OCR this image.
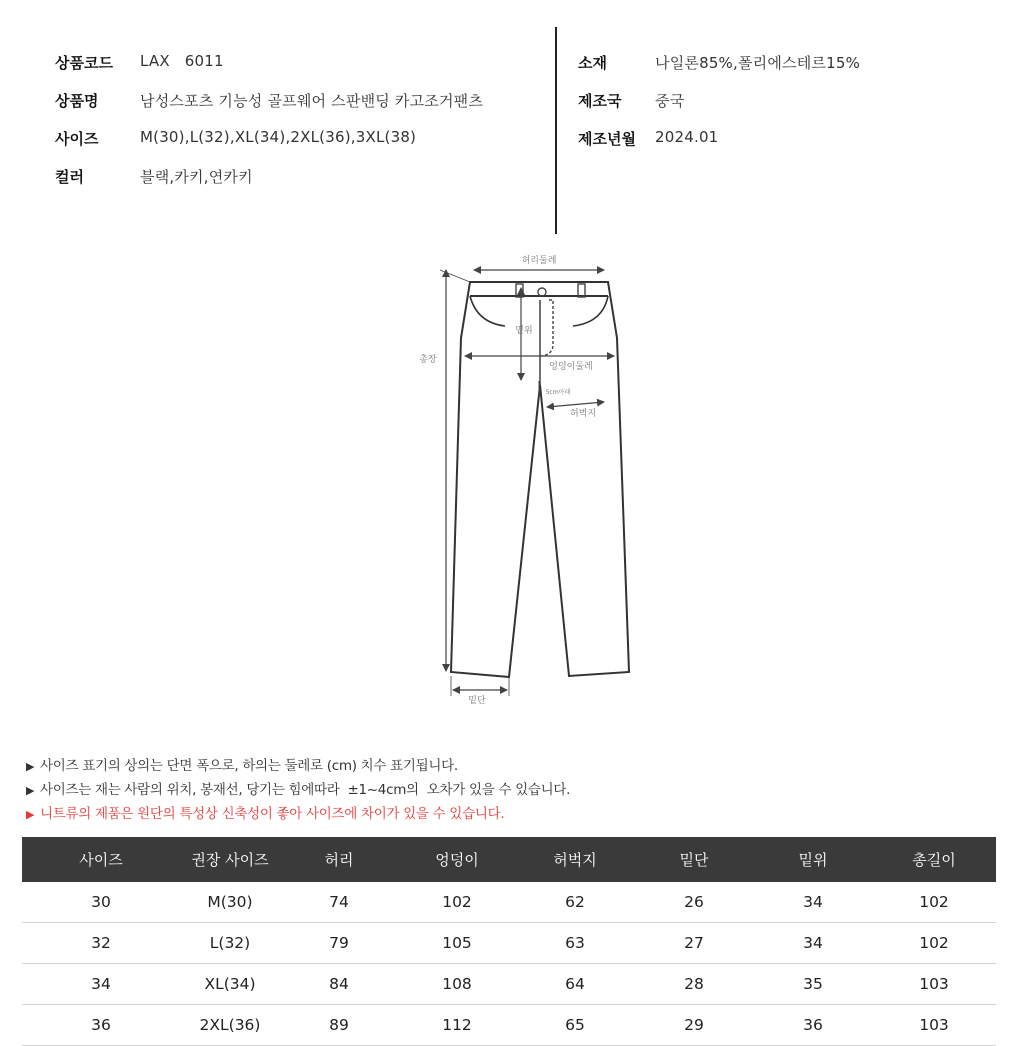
상품코드	LAX   6011
상품명	남성스포츠 기능성 골프웨어 스판밴딩 카고조거팬츠
사이즈	M(30),L(32),XL(34),2XL(36),3XL(38)
컬러	블랙,카키,연카키
소재	나일론85%,폴리에스테르15%
제조국	중국
제조년월	2024.01
허리둘레
밑위
총장
엉덩이둘레
5cm아래
허벅지
밑단
▶ 사이즈 표기의 상의는 단면 폭으로, 하의는 둘레로 (cm) 치수 표기됩니다.
▶ 사이즈는 재는 사람의 위치, 봉재선, 당기는 힘에따라  ±1~4cm의  오차가 있을 수 있습니다.
▶ 니트류의 제품은 원단의 특성상 신축성이 좋아 사이즈에 차이가 있을 수 있습니다.
사이즈	권장 사이즈	허리	엉덩이	허벅지	밑단	밑위	총길이
30	M(30)	74	102	62	26	34	102
32	L(32)	79	105	63	27	34	102
34	XL(34)	84	108	64	28	35	103
36	2XL(36)	89	112	65	29	36	103
